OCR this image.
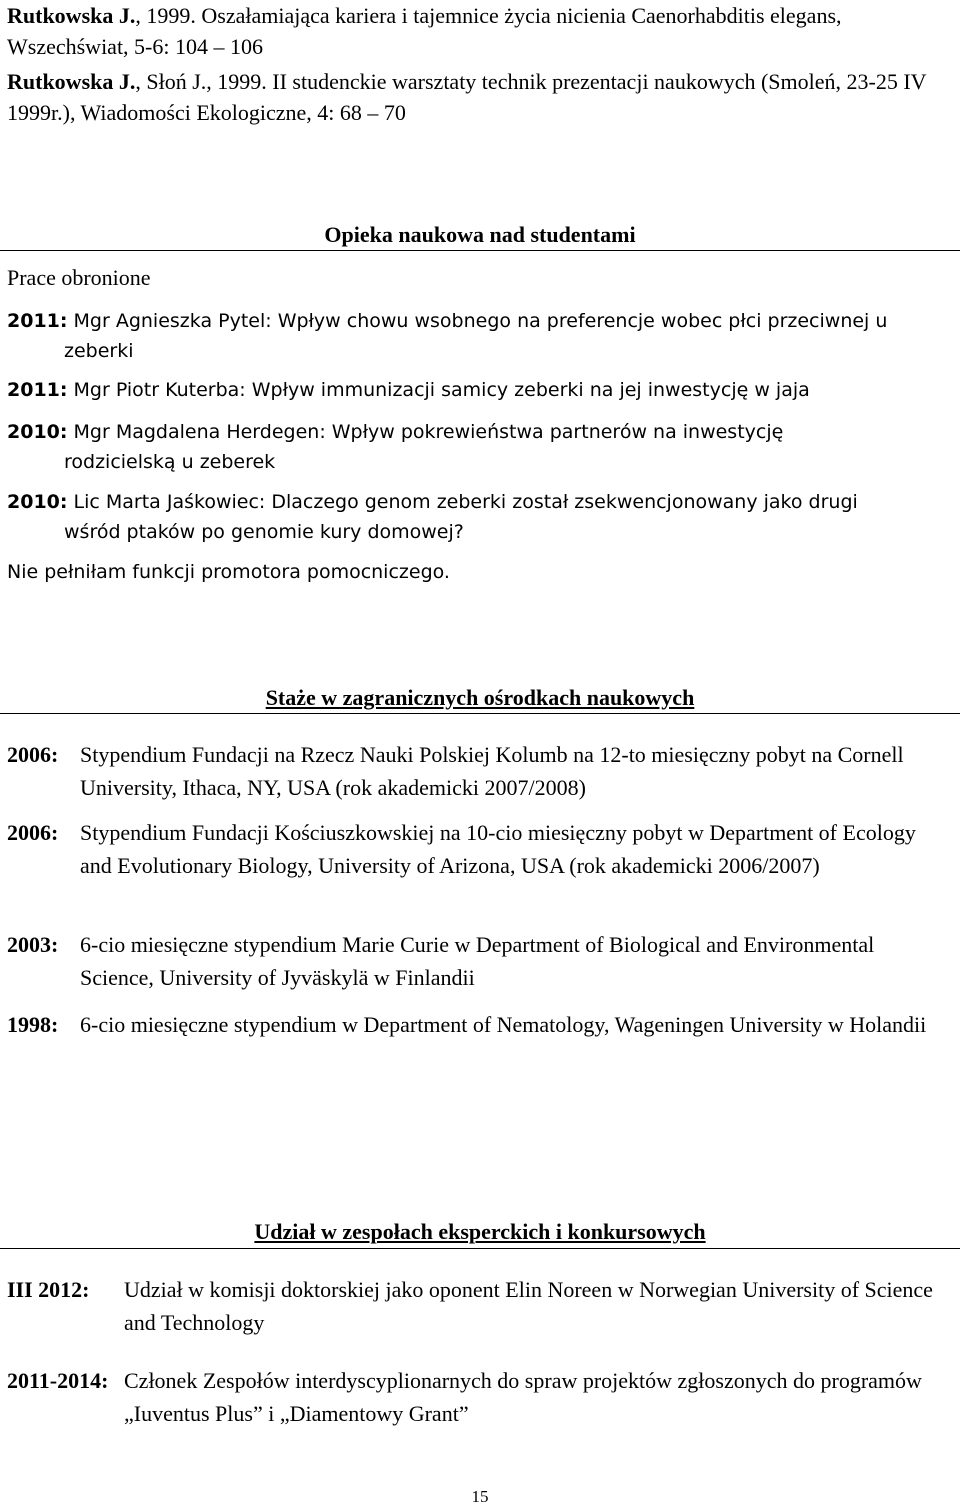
Rutkowska J., 1999. Oszałamiająca kariera i tajemnice życia nicienia Caenorhabditis elegans, Wszechświat, 5-6: 104 – 106

Rutkowska J., Słoń J., 1999. II studenckie warsztaty technik prezentacji naukowych (Smoleń, 23-25 IV 1999r.), Wiadomości Ekologiczne, 4: 68 – 70

Opieka naukowa nad studentami
Prace obronione
2011: Mgr Agnieszka Pytel: Wpływ chowu wsobnego na preferencje wobec płci przeciwnej u
zeberki
2011: Mgr Piotr Kuterba: Wpływ immunizacji samicy zeberki na jej inwestycję w jaja
2010: Mgr Magdalena Herdegen: Wpływ pokrewieństwa partnerów na inwestycję
rodzicielską u zeberek
2010: Lic Marta Jaśkowiec: Dlaczego genom zeberki został zsekwencjonowany jako drugi
wśród ptaków po genomie kury domowej?
Nie pełniłam funkcji promotora pomocniczego.
Staże w zagranicznych ośrodkach naukowych
2006: Stypendium Fundacji na Rzecz Nauki Polskiej Kolumb na 12-to miesięczny pobyt na Cornell University, Ithaca, NY, USA (rok akademicki 2007/2008)
2006: Stypendium Fundacji Kościuszkowskiej na 10-cio miesięczny pobyt w Department of Ecology and Evolutionary Biology, University of Arizona, USA (rok akademicki 2006/2007)
2003: 6-cio miesięczne stypendium Marie Curie w Department of Biological and Environmental   Science, University of Jyväskylä w Finlandii
1998: 6-cio miesięczne stypendium w Department of Nematology, Wageningen University w Holandii
Udział w zespołach eksperckich i konkursowych
III 2012:	Udział w komisji doktorskiej jako oponent Elin Noreen w Norwegian University of Science and Technology
2011-2014: Członek Zespołów interdyscyplionarnych do spraw projektów zgłoszonych do programów „Iuventus Plus” i „Diamentowy Grant”
15
